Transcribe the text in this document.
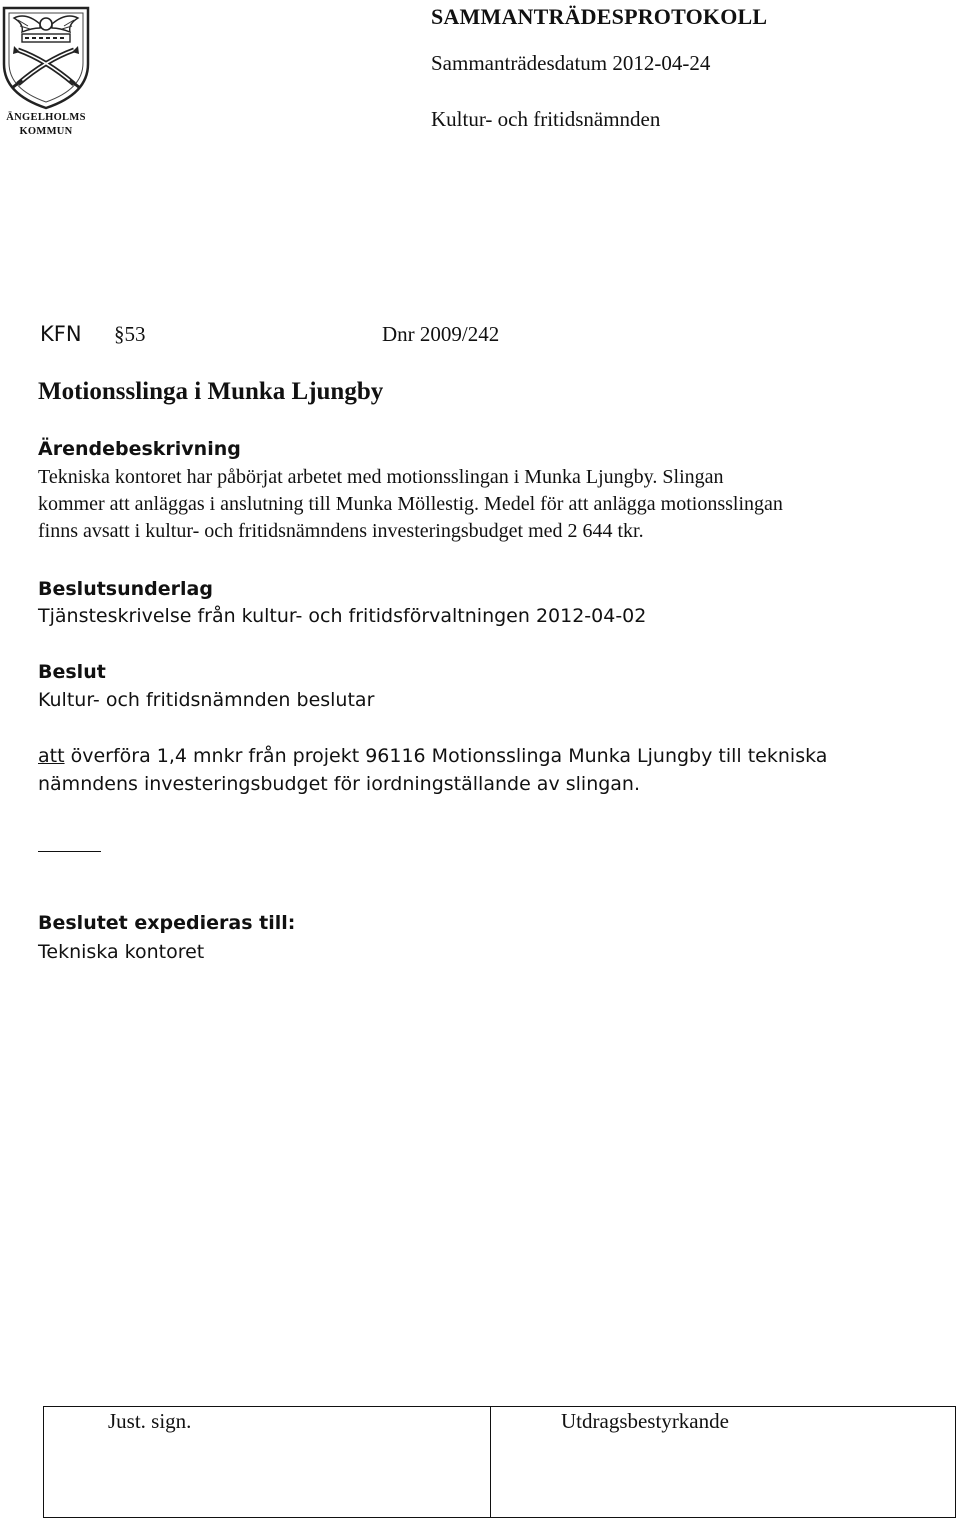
ÄNGELHOLMS
KOMMUN
SAMMANTRÄDESPROTOKOLL
Sammanträdesdatum 2012-04-24
Kultur- och fritidsnämnden
KFN §53	Dnr 2009/242
Motionsslinga i Munka Ljungby
Ärendebeskrivning
Tekniska kontoret har påbörjat arbetet med motionsslingan i Munka Ljungby. Slingan
kommer att anläggas i anslutning till Munka Möllestig. Medel för att anlägga motionsslingan
finns avsatt i kultur- och fritidsnämndens investeringsbudget med 2 644 tkr.
Beslutsunderlag
Tjänsteskrivelse från kultur- och fritidsförvaltningen 2012-04-02
Beslut
Kultur- och fritidsnämnden beslutar
att överföra 1,4 mnkr från projekt 96116 Motionsslinga Munka Ljungby till tekniska
nämndens investeringsbudget för iordningställande av slingan.
Beslutet expedieras till:
Tekniska kontoret
Just. sign.	Utdragsbestyrkande
